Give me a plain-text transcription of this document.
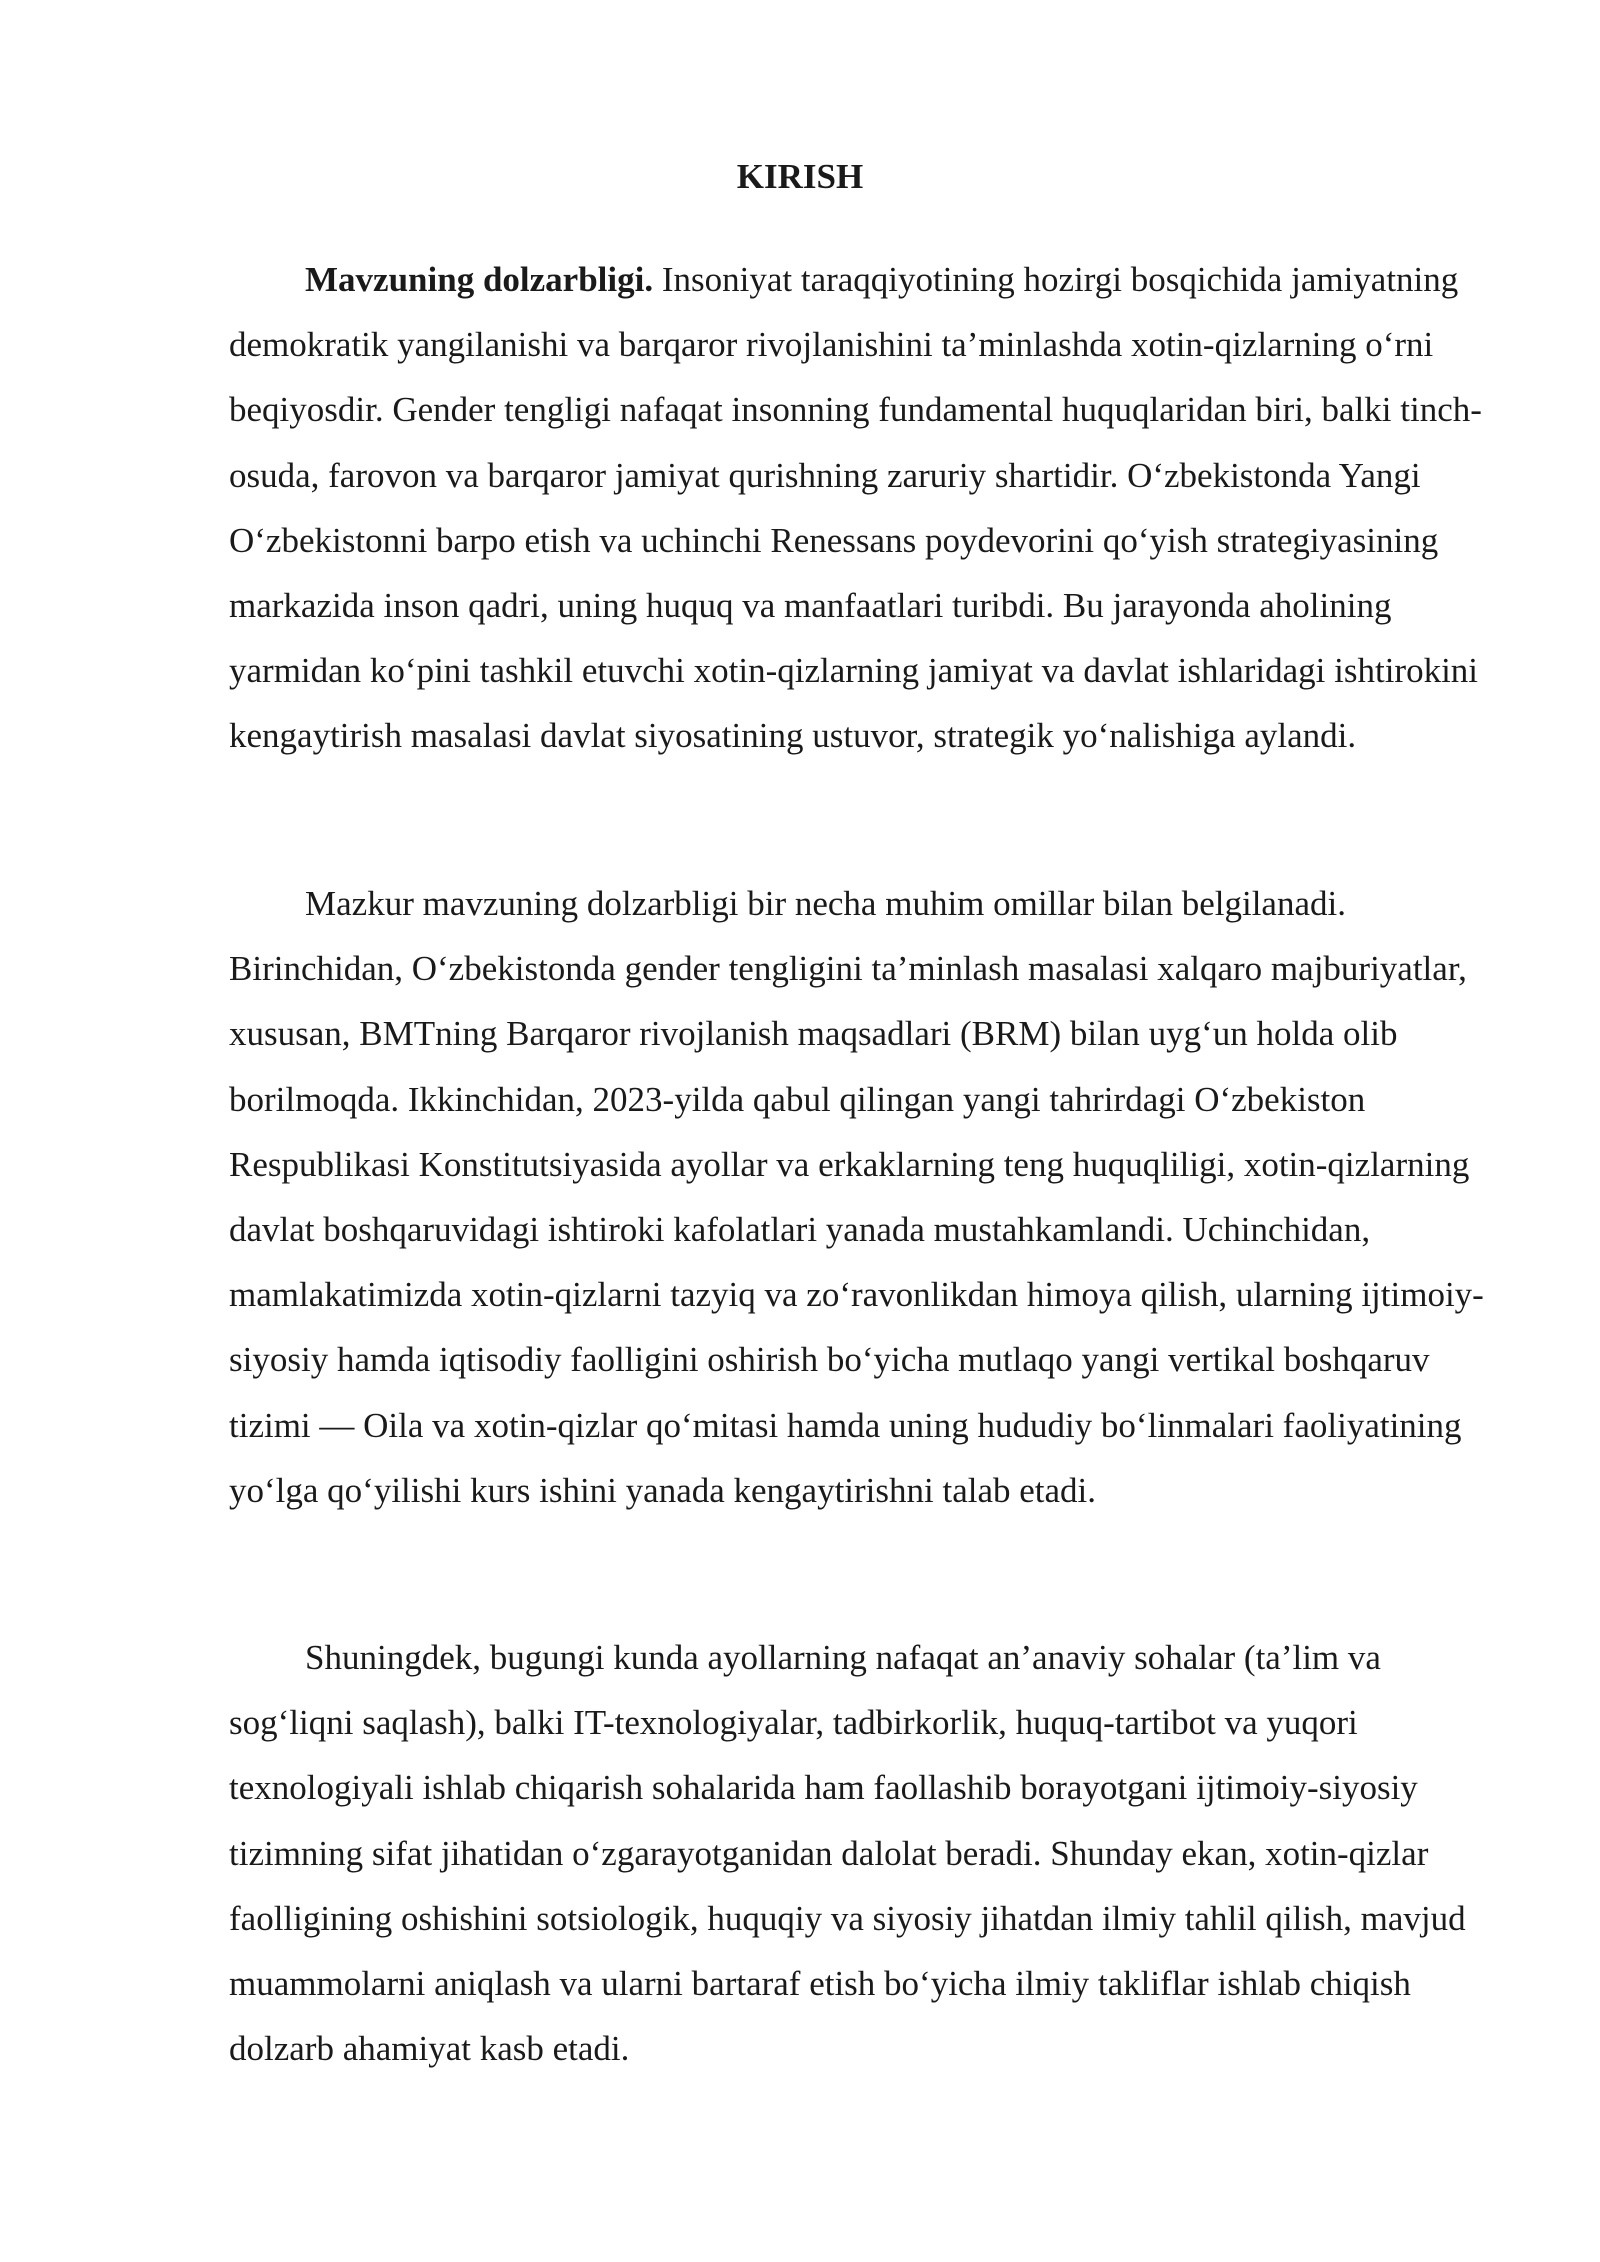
KIRISH

Mavzuning dolzarbligi. Insoniyat taraqqiyotining hozirgi bosqichida jamiyatning demokratik yangilanishi va barqaror rivojlanishini ta’minlashda xotin-qizlarning o‘rni beqiyosdir. Gender tengligi nafaqat insonning fundamental huquqlaridan biri, balki tinch-osuda, farovon va barqaror jamiyat qurishning zaruriy shartidir. O‘zbekistonda Yangi O‘zbekistonni barpo etish va uchinchi Renessans poydevorini qo‘yish strategiyasining markazida inson qadri, uning huquq va manfaatlari turibdi. Bu jarayonda aholining yarmidan ko‘pini tashkil etuvchi xotin-qizlarning jamiyat va davlat ishlaridagi ishtirokini kengaytirish masalasi davlat siyosatining ustuvor, strategik yo‘nalishiga aylandi.

Mazkur mavzuning dolzarbligi bir necha muhim omillar bilan belgilanadi. Birinchidan, O‘zbekistonda gender tengligini ta’minlash masalasi xalqaro majburiyatlar, xususan, BMTning Barqaror rivojlanish maqsadlari (BRM) bilan uyg‘un holda olib borilmoqda. Ikkinchidan, 2023-yilda qabul qilingan yangi tahrirdagi O‘zbekiston Respublikasi Konstitutsiyasida ayollar va erkaklarning teng huquqliligi, xotin-qizlarning davlat boshqaruvidagi ishtiroki kafolatlari yanada mustahkamlandi. Uchinchidan, mamlakatimizda xotin-qizlarni tazyiq va zo‘ravonlikdan himoya qilish, ularning ijtimoiy-siyosiy hamda iqtisodiy faolligini oshirish bo‘yicha mutlaqo yangi vertikal boshqaruv tizimi — Oila va xotin-qizlar qo‘mitasi hamda uning hududiy bo‘linmalari faoliyatining yo‘lga qo‘yilishi kurs ishini yanada kengaytirishni talab etadi.

Shuningdek, bugungi kunda ayollarning nafaqat an’anaviy sohalar (ta’lim va sog‘liqni saqlash), balki IT-texnologiyalar, tadbirkorlik, huquq-tartibot va yuqori texnologiyali ishlab chiqarish sohalarida ham faollashib borayotgani ijtimoiy-siyosiy tizimning sifat jihatidan o‘zgarayotganidan dalolat beradi. Shunday ekan, xotin-qizlar faolligining oshishini sotsiologik, huquqiy va siyosiy jihatdan ilmiy tahlil qilish, mavjud muammolarni aniqlash va ularni bartaraf etish bo‘yicha ilmiy takliflar ishlab chiqish dolzarb ahamiyat kasb etadi.
